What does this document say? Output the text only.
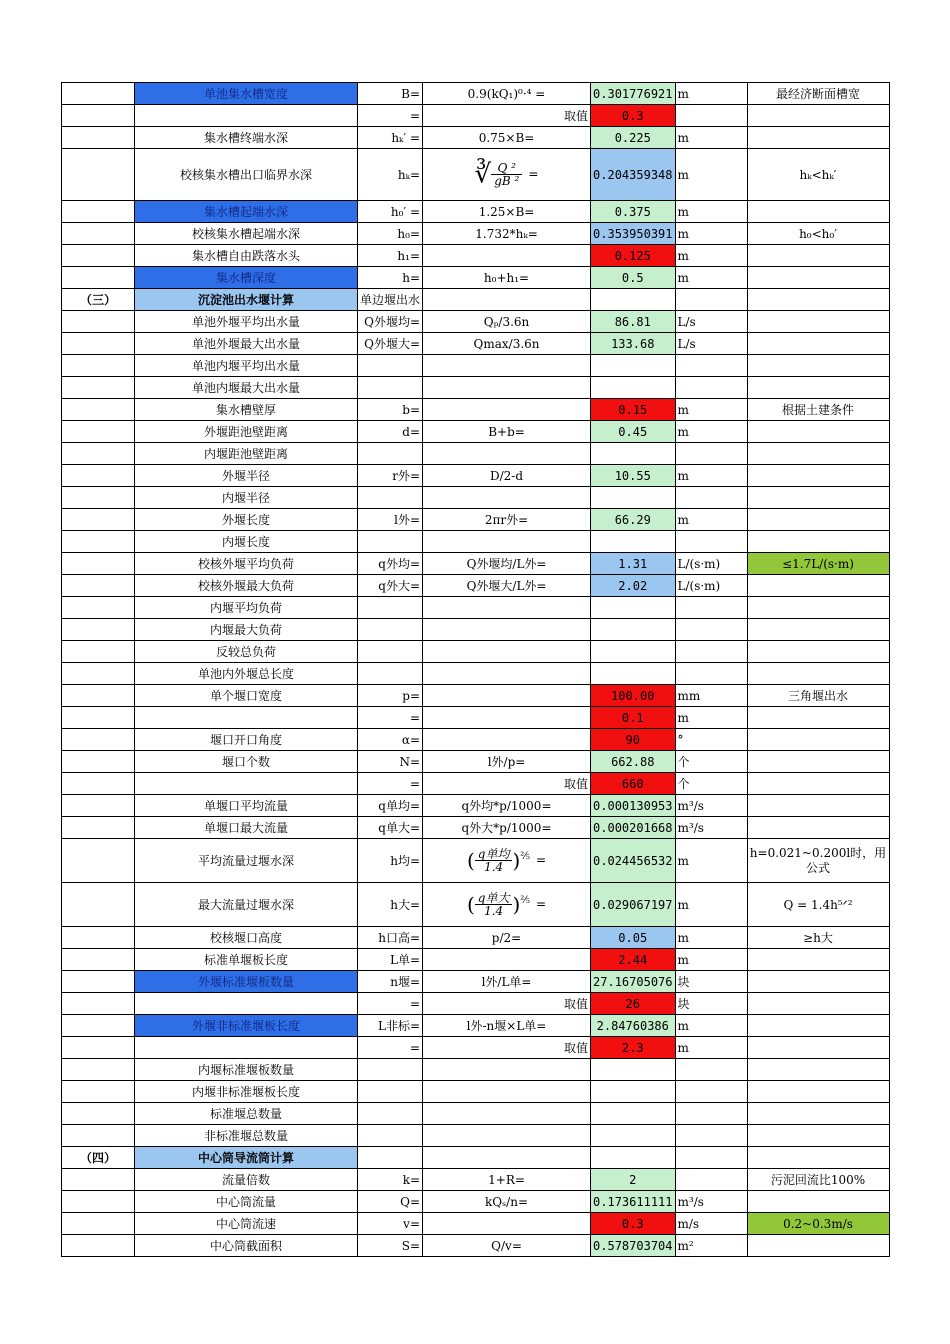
	单池集水槽宽度	B=	0.9(kQ₁)⁰·⁴ =	0.301776921	m	最经济断面槽宽

		=	取值	0.3		

	集水槽终端水深	hₖ′ =	0.75×B=	0.225	m	

	校核集水槽出口临界水深	hₖ=	∛ $\frac{\text{Q ²}}{\text{gB ²}}$ =	0.204359348	m	hₖ<hₖ′

	集水槽起端水深	h₀′ =	1.25×B=	0.375	m	

	校核集水槽起端水深	h₀=	1.732*hₖ=	0.353950391	m	h₀<h₀′

	集水槽自由跌落水头	h₁=		0.125	m	

	集水槽深度	h=	h₀+h₁=	0.5	m	

（三）	沉淀池出水堰计算	单边堰出水				

	单池外堰平均出水量	Q外堰均=	Qₚ/3.6n	86.81	L/s	

	单池外堰最大出水量	Q外堰大=	Qmax/3.6n	133.68	L/s	

	单池内堰平均出水量					

	单池内堰最大出水量					

	集水槽壁厚	b=		0.15	m	根据土建条件

	外堰距池壁距离	d=	B+b=	0.45	m	

	内堰距池壁距离					

	外堰半径	r外=	D/2-d	10.55	m	

	内堰半径					

	外堰长度	l外=	2πr外=	66.29	m	

	内堰长度					

	校核外堰平均负荷	q外均=	Q外堰均/L外=	1.31	L/(s·m)	≤1.7L/(s·m)

	校核外堰最大负荷	q外大=	Q外堰大/L外=	2.02	L/(s·m)	

	内堰平均负荷					

	内堰最大负荷					

	反较总负荷					

	单池内外堰总长度					

	单个堰口宽度	p=		100.00	mm	三角堰出水

		=		0.1	m	

	堰口开口角度	α=		90	°	

	堰口个数	N=	l外/p=	662.88	个	

		=	取值	660	个	

	单堰口平均流量	q单均=	q外均*p/1000=	0.000130953	m³/s	

	单堰口最大流量	q单大=	q外大*p/1000=	0.000201668	m³/s	

	平均流量过堰水深	h均=	( $\frac{\text{q单均}}{1.4} )^{\frac{2}{5}}$ =	0.024456532	m	h=0.021~0.200l时，用公式

	最大流量过堰水深	h大=	( $\frac{\text{q单大}}{1.4} )^{\frac{2}{5}}$ =	0.029067197	m	Q = 1.4h⁵ᐟ²

	校核堰口高度	h口高=	p/2=	0.05	m	≥h大

	标准单堰板长度	L单=		2.44	m	

	外堰标准堰板数量	n堰=	l外/L单=	27.16705076	块	

		=	取值	26	块	

	外堰非标准堰板长度	L非标=	l外-n堰×L单=	2.84760386	m	

		=	取值	2.3	m	

	内堰标准堰板数量					

	内堰非标准堰板长度					

	标准堰总数量					

	非标准堰总数量					

（四）	中心筒导流筒计算					

	流量倍数	k=	1+R=	2		污泥回流比100%

	中心筒流量	Q=	kQₛ/n=	0.173611111	m³/s	

	中心筒流速	v=		0.3	m/s	0.2~0.3m/s

	中心筒截面积	S=	Q/v=	0.578703704	m²	
